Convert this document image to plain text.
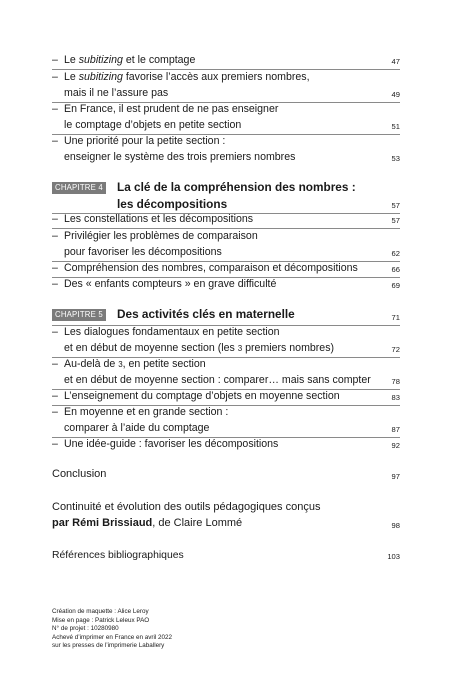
– Le subitizing et le comptage	47
– Le subitizing favorise l’accès aux premiers nombres,
mais il ne l’assure pas	49
– En France, il est prudent de ne pas enseigner
le comptage d’objets en petite section	51
– Une priorité pour la petite section :
enseigner le système des trois premiers nombres	53
CHAPITRE 4 La clé de la compréhension des nombres :
les décompositions	57
– Les constellations et les décompositions	57
– Privilégier les problèmes de comparaison
pour favoriser les décompositions	62
– Compréhension des nombres, comparaison et décompositions	66
– Des « enfants compteurs » en grave difficulté	69
CHAPITRE 5 Des activités clés en maternelle	71
– Les dialogues fondamentaux en petite section
et en début de moyenne section (les 3 premiers nombres)	72
– Au-delà de 3, en petite section
et en début de moyenne section : comparer… mais sans compter	78
– L’enseignement du comptage d’objets en moyenne section	83
– En moyenne et en grande section :
comparer à l’aide du comptage	87
– Une idée-guide : favoriser les décompositions	92
Conclusion	97
Continuité et évolution des outils pédagogiques conçus
par Rémi Brissiaud, de Claire Lommé	98
Références bibliographiques	103
Création de maquette : Alice Leroy
Mise en page : Patrick Leleux PAO
N° de projet : 10280980
Achevé d’imprimer en France en avril 2022
sur les presses de l’imprimerie Laballery
